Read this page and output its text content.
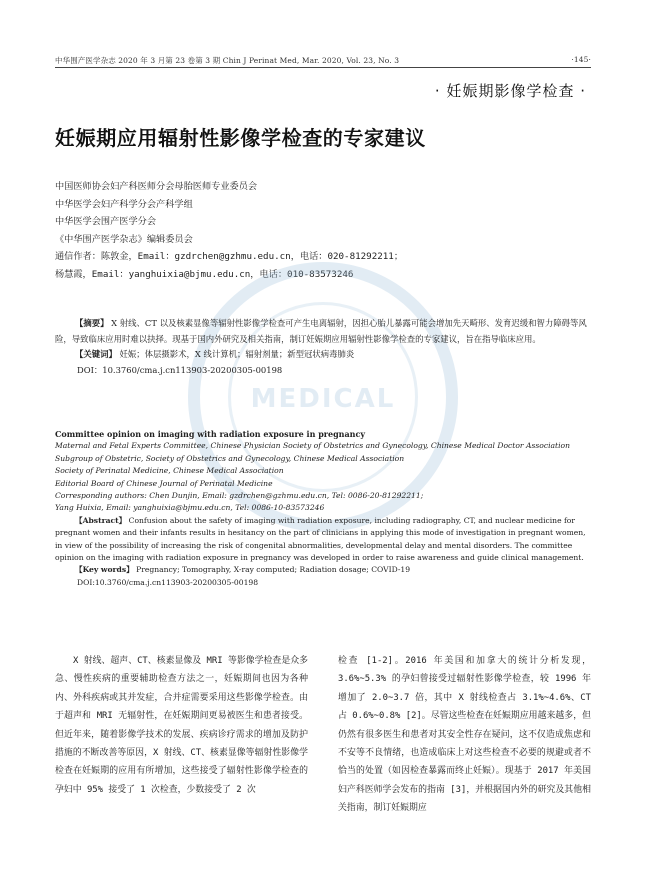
中华围产医学杂志 2020 年 3 月第 23 卷第 3 期 Chin J Perinat Med, Mar. 2020, Vol. 23, No. 3	·145·
· 妊娠期影像学检查 ·
妊娠期应用辐射性影像学检查的专家建议
中国医师协会妇产科医师分会母胎医师专业委员会
中华医学会妇产科学分会产科学组
中华医学会围产医学分会
《中华围产医学杂志》编辑委员会
通信作者：陈敦金，Email：gzdrchen@gzhmu.edu.cn，电话：020-81292211；
杨慧霞，Email：yanghuixia@bjmu.edu.cn，电话：010-83573246
MEDICAL

【摘要】 X 射线、CT 以及核素显像等辐射性影像学检查可产生电离辐射，因担心胎儿暴露可能会增加先天畸形、发育迟缓和智力障碍等风险，导致临床应用时难以抉择。现基于国内外研究及相关指南，制订妊娠期应用辐射性影像学检查的专家建议，旨在指导临床应用。

【关键词】 妊娠；体层摄影术，X 线计算机；辐射剂量；新型冠状病毒肺炎

DOI：10.3760/cma.j.cn113903-20200305-00198

Committee opinion on imaging with radiation exposure in pregnancy

Maternal and Fetal Experts Committee, Chinese Physician Society of Obstetrics and Gynecology, Chinese Medical Doctor Association

Subgroup of Obstetric, Society of Obstetrics and Gynecology, Chinese Medical Association

Society of Perinatal Medicine, Chinese Medical Association

Editorial Board of Chinese Journal of Perinatal Medicine

Corresponding authors: Chen Dunjin, Email: gzdrchen@gzhmu.edu.cn, Tel: 0086-20-81292211;

Yang Huixia, Email: yanghuixia@bjmu.edu.cn, Tel: 0086-10-83573246

【Abstract】 Confusion about the safety of imaging with radiation exposure, including radiography, CT, and nuclear medicine for pregnant women and their infants results in hesitancy on the part of clinicians in applying this mode of investigation in pregnant women, in view of the possibility of increasing the risk of congenital abnormalities, developmental delay and mental disorders. The committee opinion on the imaging with radiation exposure in pregnancy was developed in order to raise awareness and guide clinical management.

【Key words】 Pregnancy; Tomography, X-ray computed; Radiation dosage; COVID-19

DOI:10.3760/cma.j.cn113903-20200305-00198

X 射线、超声、CT、核素显像及 MRI 等影像学检查是众多急、慢性疾病的重要辅助检查方法之一，妊娠期间也因为各种内、外科疾病或其并发症，合并症需要采用这些影像学检查。由于超声和 MRI 无辐射性，在妊娠期间更易被医生和患者接受。但近年来，随着影像学技术的发展、疾病诊疗需求的增加及防护措施的不断改善等原因，X 射线、CT、核素显像等辐射性影像学检查在妊娠期的应用有所增加，这些接受了辐射性影像学检查的孕妇中 95% 接受了 1 次检查，少数接受了 2 次

检查 [1-2]。2016 年美国和加拿大的统计分析发现，3.6%~5.3% 的孕妇曾接受过辐射性影像学检查，较 1996 年增加了 2.0~3.7 倍，其中 X 射线检查占 3.1%~4.6%、CT 占 0.6%~0.8% [2]。尽管这些检查在妊娠期应用越来越多，但仍然有很多医生和患者对其安全性存在疑问，这不仅造成焦虑和不安等不良情绪，也造成临床上对这些检查不必要的规避或者不恰当的处置（如因检查暴露而终止妊娠）。现基于 2017 年美国妇产科医师学会发布的指南 [3]，并根据国内外的研究及其他相关指南，制订妊娠期应
